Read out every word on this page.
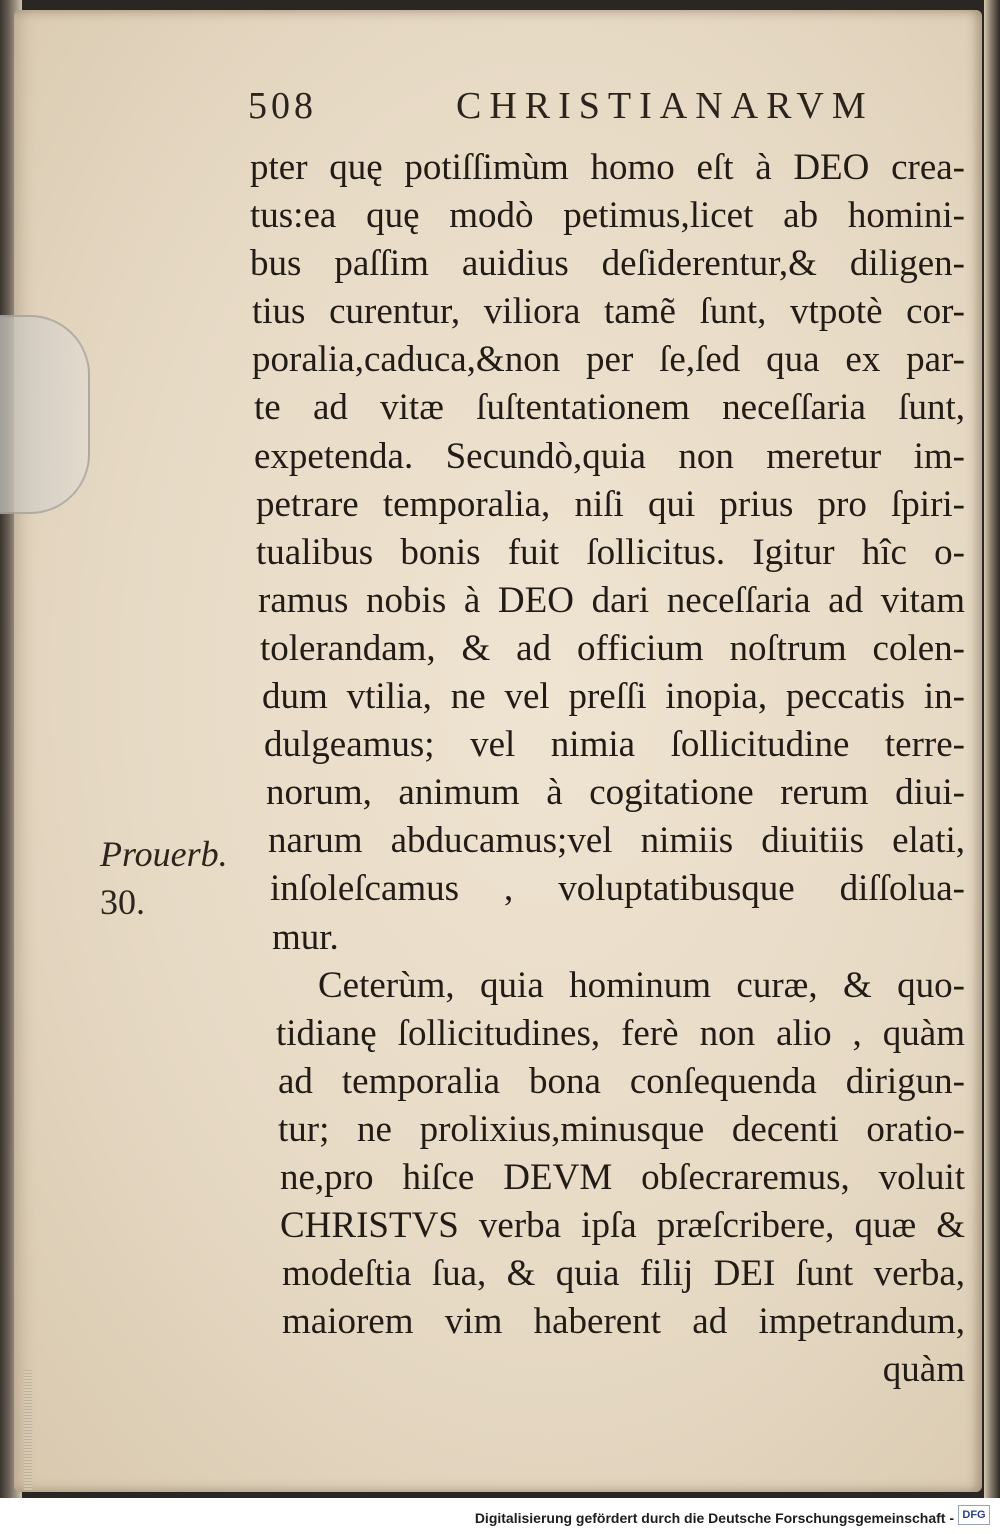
508	CHRISTIANARVM
pter quę potiſſimùm homo eſt à DEO crea-
tus:ea quę modò petimus,licet ab homini-
bus paſſim auidius deſiderentur,& diligen-
tius curentur, viliora tamẽ ſunt, vtpotè cor-
poralia,caduca,&non per ſe,ſed qua ex par-
te ad vitæ ſuſtentationem neceſſaria ſunt,
expetenda. Secundò,quia non meretur im-
petrare temporalia, niſi qui prius pro ſpiri-
tualibus bonis fuit ſollicitus. Igitur hîc o-
ramus nobis à DEO dari neceſſaria ad vitam
tolerandam, & ad officium noſtrum colen-
dum vtilia, ne vel preſſi inopia, peccatis in-
dulgeamus; vel nimia ſollicitudine terre-
norum, animum à cogitatione rerum diui-
narum abducamus;vel nimiis diuitiis elati,
inſoleſcamus , voluptatibusque diſſolua-
mur.
Ceterùm, quia hominum curæ, & quo-
tidianę ſollicitudines, ferè non alio , quàm
ad temporalia bona conſequenda dirigun-
tur; ne prolixius,minusque decenti oratio-
ne,pro hiſce DEVM obſecraremus, voluit
CHRISTVS verba ipſa præſcribere, quæ &
modeſtia ſua, & quia filij DEI ſunt verba,
maiorem vim haberent ad impetrandum,
quàm
Prouerb.
30.
Digitalisierung gefördert durch die Deutsche Forschungsgemeinschaft - DFG
